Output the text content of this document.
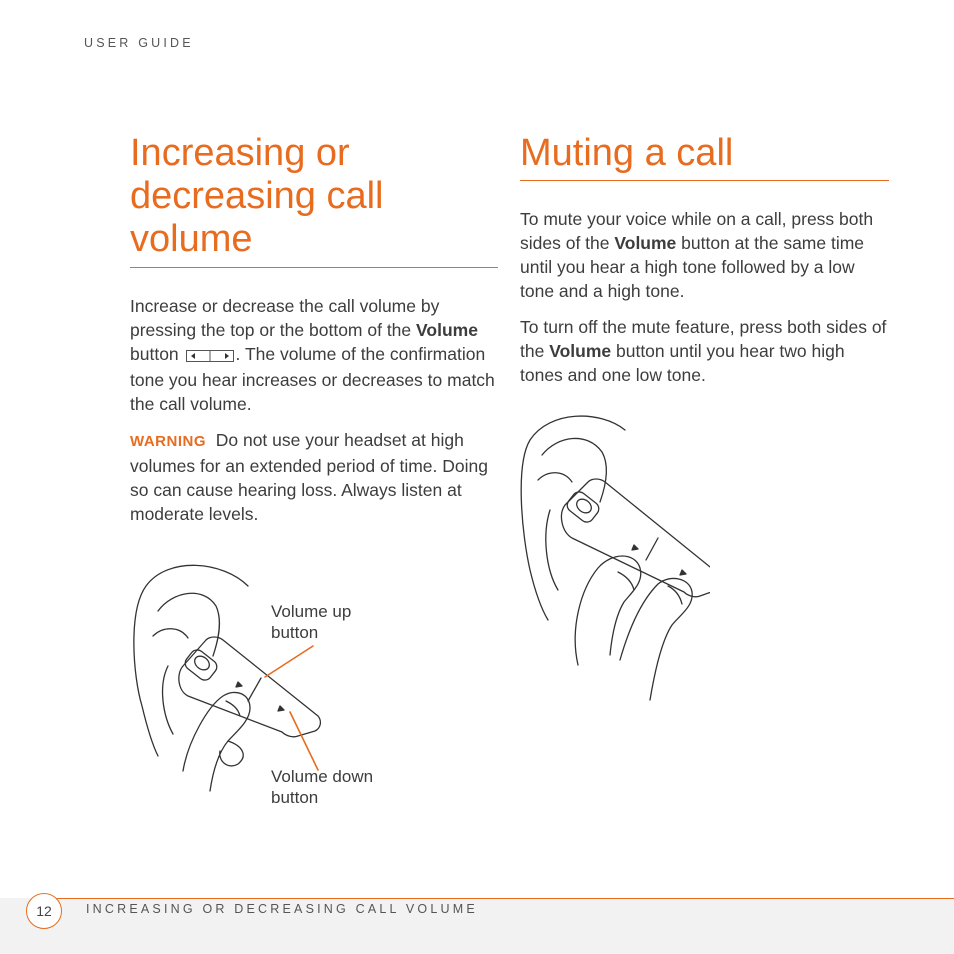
USER GUIDE
Increasing or decreasing call volume
Muting a call

Increase or decrease the call volume by pressing the top or the bottom of the Volume button	. The volume of the confirmation tone you hear increases or decreases to match the call volume.

WARNING Do not use your headset at high volumes for an extended period of time. Doing so can cause hearing loss. Always listen at moderate levels.

To mute your voice while on a call, press both sides of the Volume button at the same time until you hear a high tone followed by a low tone and a high tone.

To turn off the mute feature, press both sides of the Volume button until you hear two high tones and one low tone.

Volume up button
Volume down button
12	INCREASING OR DECREASING CALL VOLUME
